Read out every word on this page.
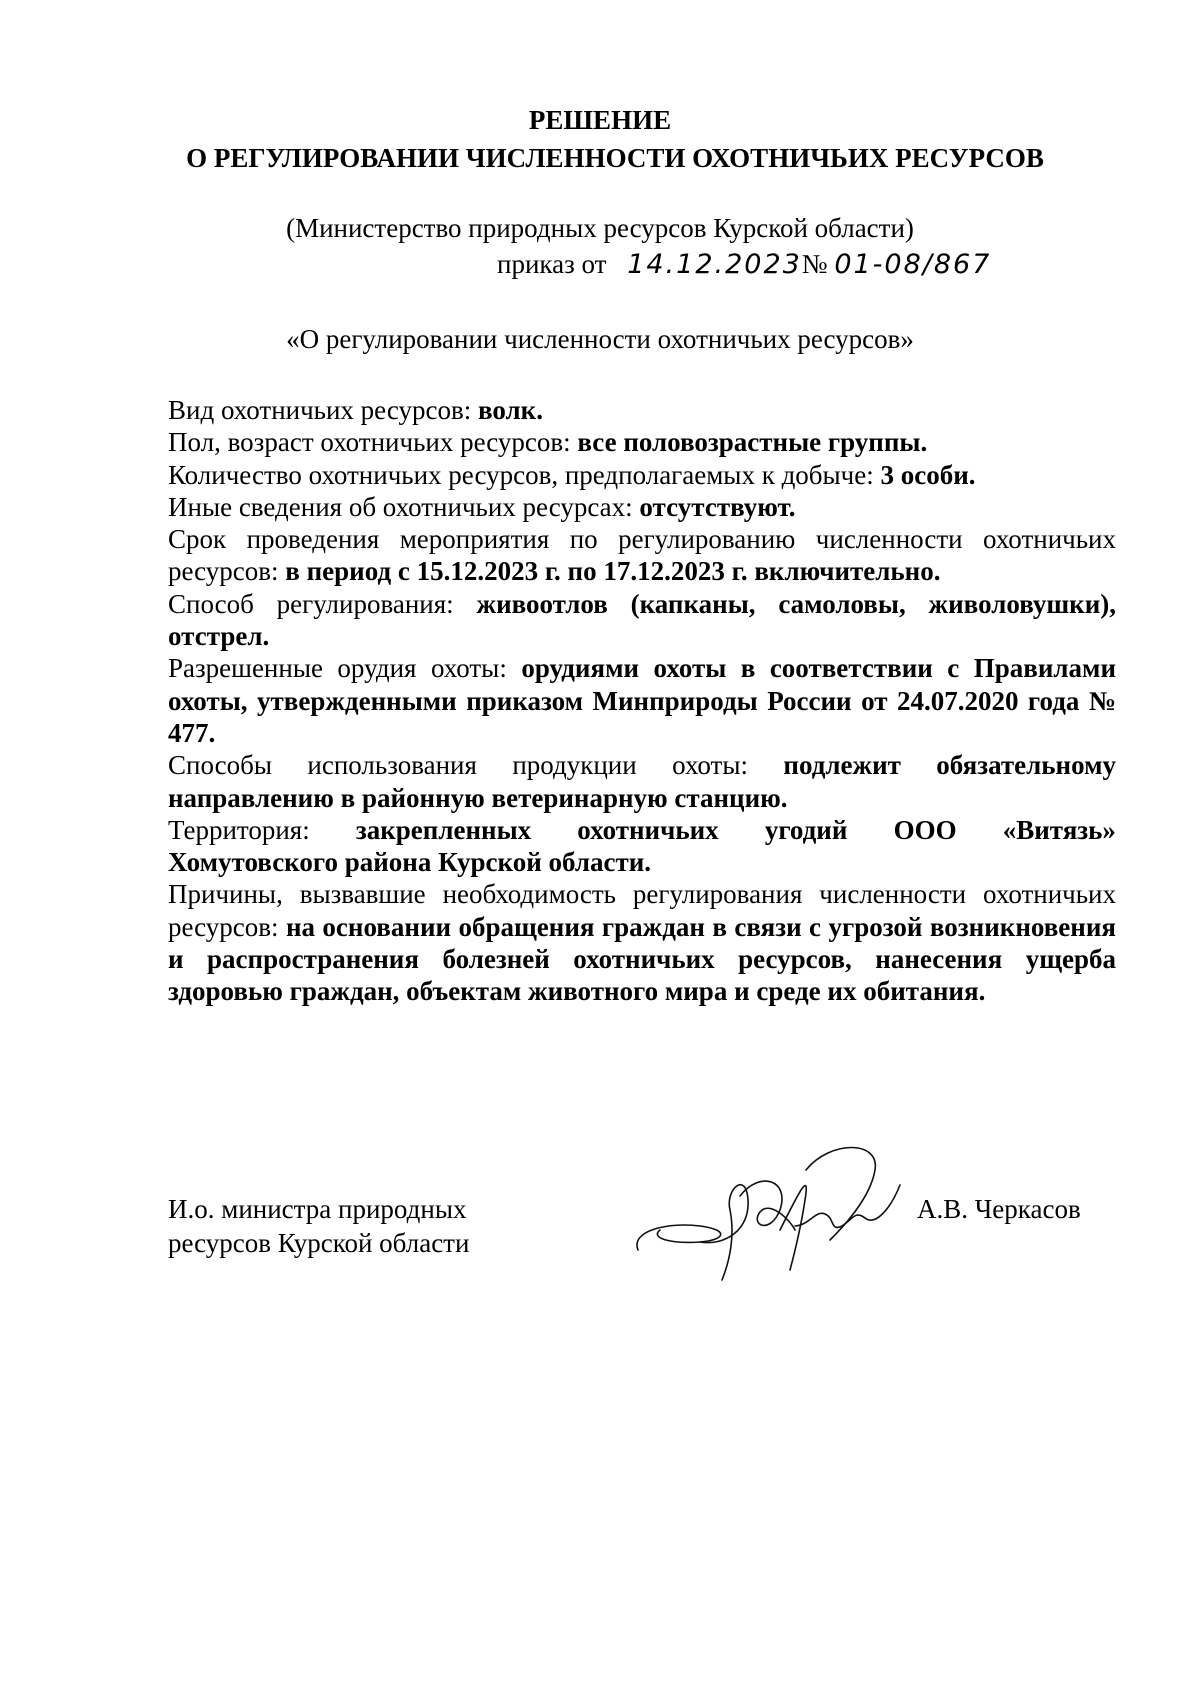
РЕШЕНИЕ
О РЕГУЛИРОВАНИИ ЧИСЛЕННОСТИ ОХОТНИЧЬИХ РЕСУРСОВ
(Министерство природных ресурсов Курской области)
приказ от 14.12.2023№ 01-08/867
«О регулировании численности охотничьих ресурсов»

Вид охотничьих ресурсов: волк.

Пол, возраст охотничьих ресурсов: все половозрастные группы.

Количество охотничьих ресурсов, предполагаемых к добыче: 3 особи.

Иные сведения об охотничьих ресурсах: отсутствуют.

Срок проведения мероприятия по регулированию численности охотничьих ресурсов: в период с 15.12.2023 г. по 17.12.2023 г. включительно.

Способ регулирования: живоотлов (капканы, самоловы, живоловушки), отстрел.

Разрешенные орудия охоты: орудиями охоты в соответствии с Правилами охоты, утвержденными приказом Минприроды России от 24.07.2020 года № 477.

Способы использования продукции охоты: подлежит обязательному направлению в районную ветеринарную станцию.

Территория: закрепленных охотничьих угодий ООО «Витязь»

Хомутовского района Курской области.

Причины, вызвавшие необходимость регулирования численности охотничьих ресурсов: на основании обращения граждан в связи с угрозой возникновения и распространения болезней охотничьих ресурсов, нанесения ущерба здоровью граждан, объектам животного мира и среде их обитания.

И.о. министра природных
ресурсов Курской области
А.В. Черкасов
